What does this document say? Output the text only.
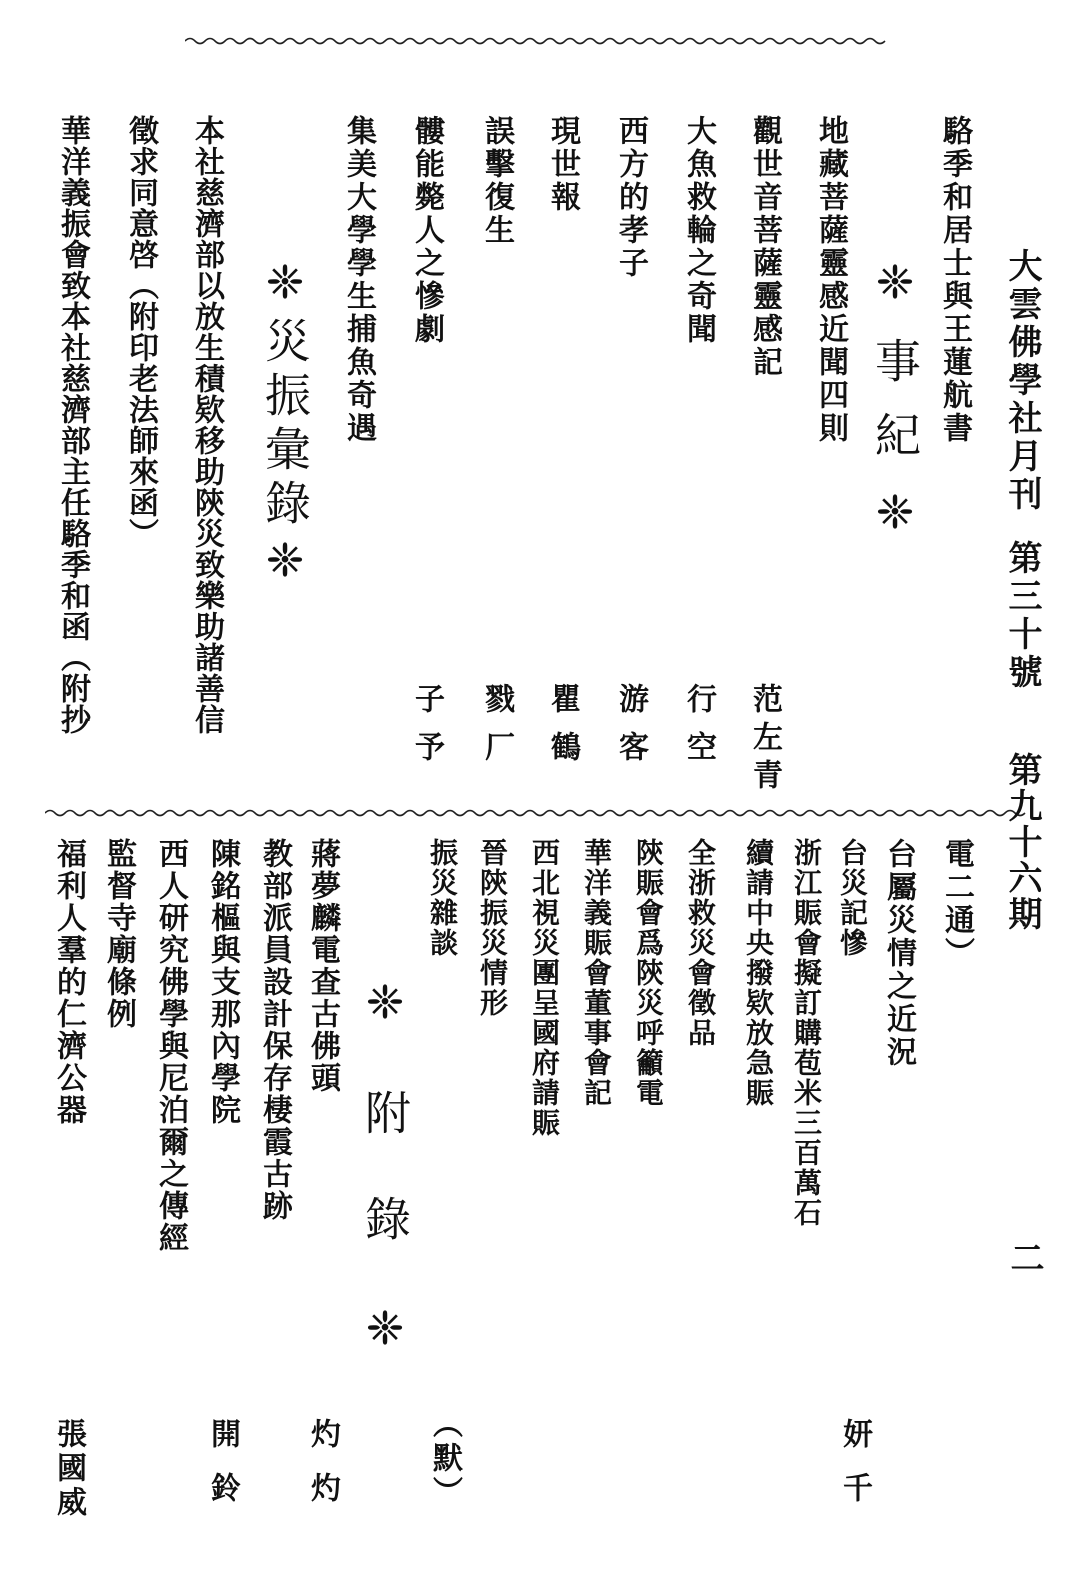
大雲佛學社月刊
第三十號
第九十六期
二
駱季和居士與王蓮航書
❈事紀❈
地藏菩薩靈感近聞四則
范左青
觀世音菩薩靈感記
大魚救輪之奇聞
行空
西方的孝子
游客
現世報
瞿鶴
誤擊復生
戮厂
髏能斃人之慘劇
子予
集美大學學生捕魚奇遇
❈災振彙錄❈
本社慈濟部以放生積欵移助陝災致樂助諸善信
徵求同意啓（附印老法師來函）
華洋義振會致本社慈濟部主任駱季和函（附抄
電二通）
台屬災情之近況
台災記慘
妍千
浙江賑會擬訂購苞米三百萬石
續請中央撥欵放急賑
全浙救災會徵品
陝賑會爲陝災呼籲電
華洋義賑會董事會記
西北視災團呈國府請賑
晉陝振災情形
振災雜談
（默）
❈附錄❈
蔣夢麟電查古佛頭
灼灼
教部派員設計保存棲霞古跡
陳銘樞與支那內學院
開鈴
西人研究佛學與尼泊爾之傳經
監督寺廟條例
福利人羣的仁濟公器
張國威
